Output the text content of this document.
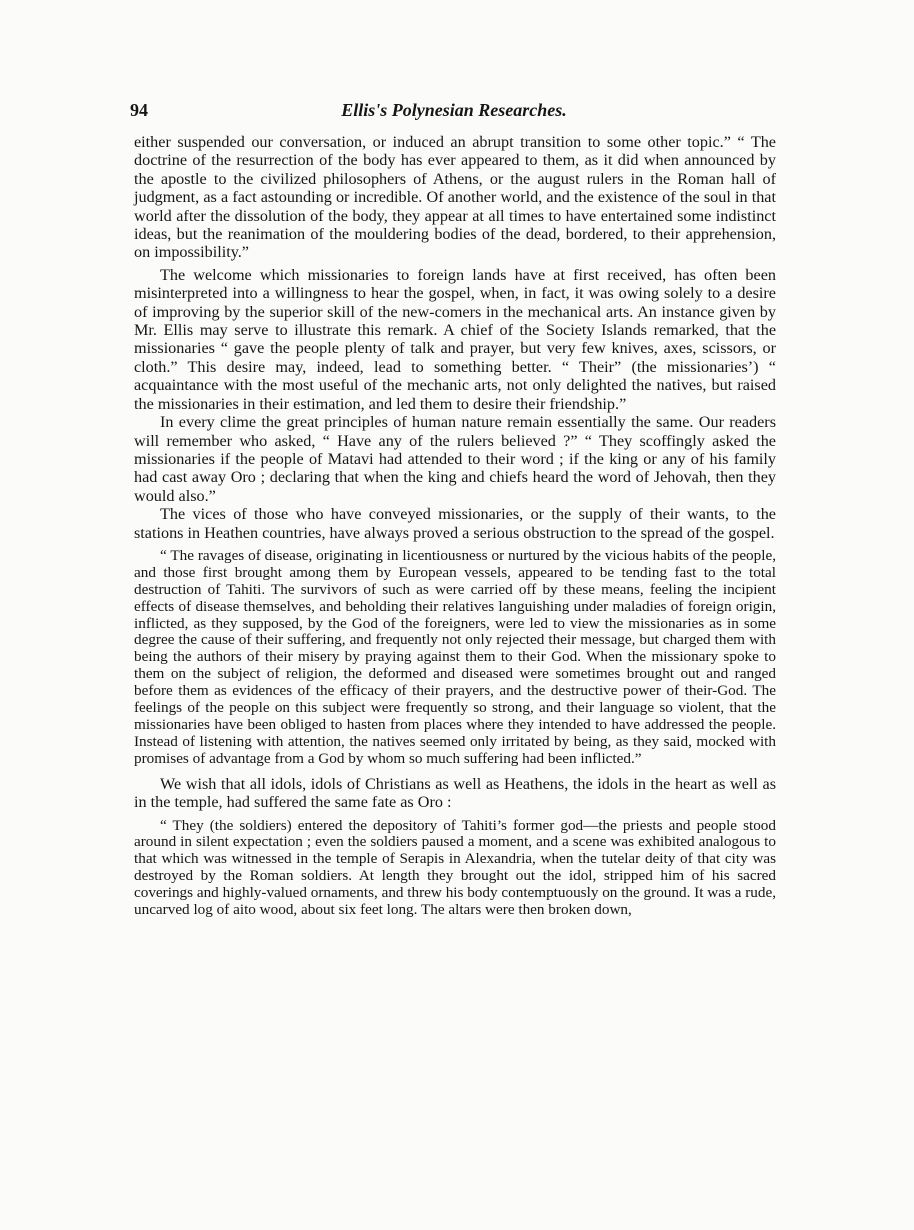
94	Ellis's Polynesian Researches.

either suspended our conversation, or induced an abrupt transition to some other topic.” “ The doctrine of the resurrection of the body has ever appeared to them, as it did when announced by the apostle to the civilized philosophers of Athens, or the august rulers in the Roman hall of judgment, as a fact astounding or incredible. Of another world, and the existence of the soul in that world after the dissolution of the body, they appear at all times to have entertained some indistinct ideas, but the reanimation of the mouldering bodies of the dead, bordered, to their apprehension, on impossibility.”

The welcome which missionaries to foreign lands have at first received, has often been misinterpreted into a willingness to hear the gospel, when, in fact, it was owing solely to a desire of improving by the superior skill of the new-comers in the mechanical arts. An instance given by Mr. Ellis may serve to illustrate this remark. A chief of the Society Islands remarked, that the missionaries “ gave the people plenty of talk and prayer, but very few knives, axes, scissors, or cloth.” This desire may, indeed, lead to something better. “ Their” (the missionaries’) “ acquaintance with the most useful of the mechanic arts, not only delighted the natives, but raised the missionaries in their estimation, and led them to desire their friendship.”

In every clime the great principles of human nature remain essentially the same. Our readers will remember who asked, “ Have any of the rulers believed ?” “ They scoffingly asked the missionaries if the people of Matavi had attended to their word ; if the king or any of his family had cast away Oro ; declaring that when the king and chiefs heard the word of Jehovah, then they would also.”

The vices of those who have conveyed missionaries, or the supply of their wants, to the stations in Heathen countries, have always proved a serious obstruction to the spread of the gospel.

“ The ravages of disease, originating in licentiousness or nurtured by the vicious habits of the people, and those first brought among them by European vessels, appeared to be tending fast to the total destruction of Tahiti. The survivors of such as were carried off by these means, feeling the incipient effects of disease themselves, and beholding their relatives languishing under maladies of foreign origin, inflicted, as they supposed, by the God of the foreigners, were led to view the missionaries as in some degree the cause of their suffering, and frequently not only rejected their message, but charged them with being the authors of their misery by praying against them to their God. When the missionary spoke to them on the subject of religion, the deformed and diseased were sometimes brought out and ranged before them as evidences of the efficacy of their prayers, and the destructive power of their-God. The feelings of the people on this subject were frequently so strong, and their language so violent, that the missionaries have been obliged to hasten from places where they intended to have addressed the people. Instead of listening with attention, the natives seemed only irritated by being, as they said, mocked with promises of advantage from a God by whom so much suffering had been inflicted.”

We wish that all idols, idols of Christians as well as Heathens, the idols in the heart as well as in the temple, had suffered the same fate as Oro :

“ They (the soldiers) entered the depository of Tahiti’s former god—the priests and people stood around in silent expectation ; even the soldiers paused a moment, and a scene was exhibited analogous to that which was witnessed in the temple of Serapis in Alexandria, when the tutelar deity of that city was destroyed by the Roman soldiers. At length they brought out the idol, stripped him of his sacred coverings and highly-valued ornaments, and threw his body contemptuously on the ground. It was a rude, uncarved log of aito wood, about six feet long. The altars were then broken down,
